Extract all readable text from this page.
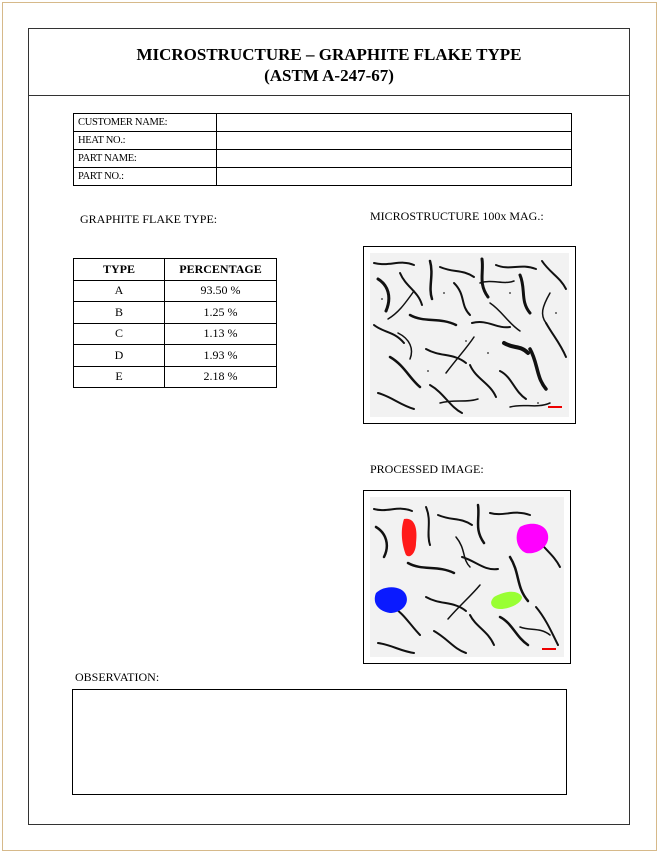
MICROSTRUCTURE – GRAPHITE FLAKE TYPE
(ASTM A-247-67)
CUSTOMER NAME:	
HEAT NO.:	
PART NAME:	
PART NO.:	
GRAPHITE FLAKE TYPE:
TYPE	PERCENTAGE
A	93.50 %
B	1.25 %
C	1.13 %
D	1.93 %
E	2.18 %
MICROSTRUCTURE 100x MAG.:
PROCESSED IMAGE:
OBSERVATION:
